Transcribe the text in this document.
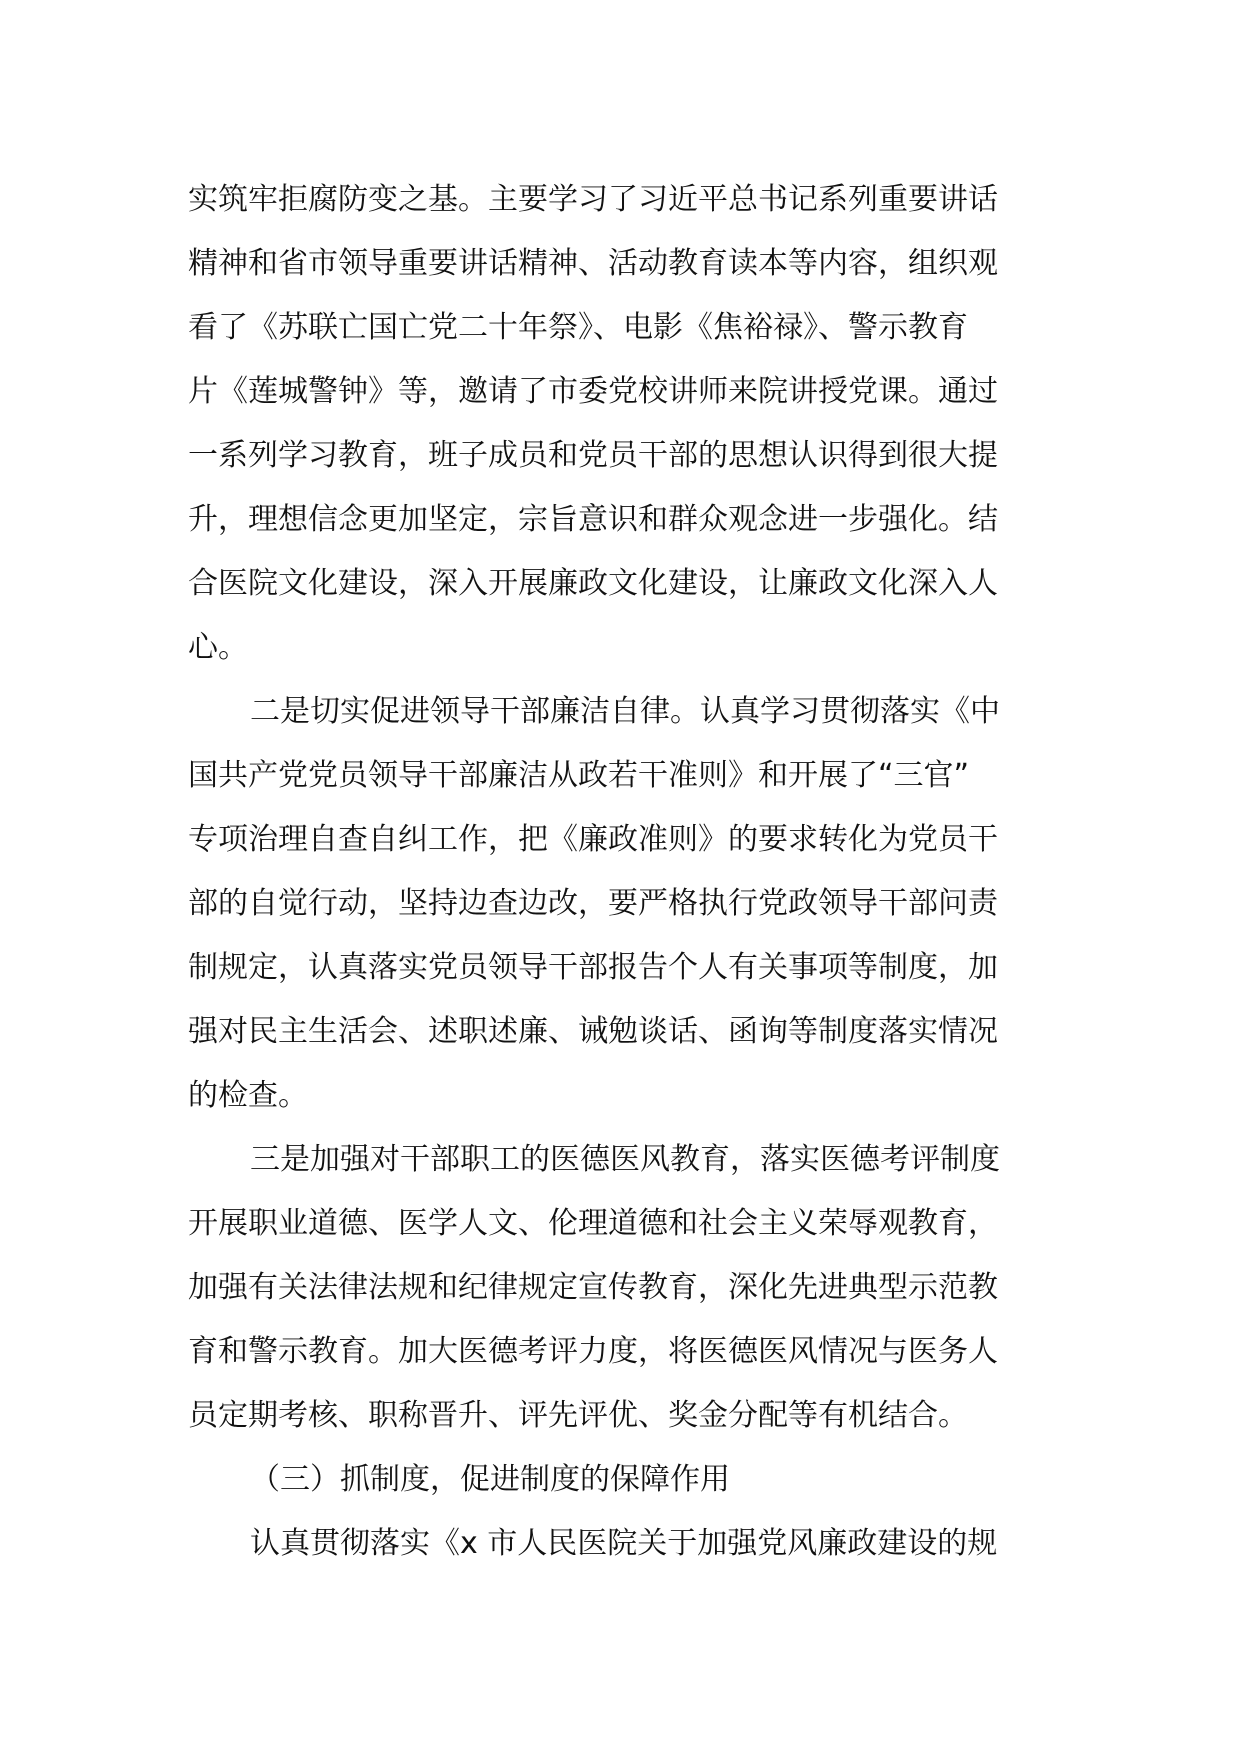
实筑牢拒腐防变之基。主要学习了习近平总书记系列重要讲话
精神和省市领导重要讲话精神、活动教育读本等内容，组织观
看了《苏联亡国亡党二十年祭》、电影《焦裕禄》、警示教育
片《莲城警钟》等，邀请了市委党校讲师来院讲授党课。通过
一系列学习教育，班子成员和党员干部的思想认识得到很大提
升，理想信念更加坚定，宗旨意识和群众观念进一步强化。结
合医院文化建设，深入开展廉政文化建设，让廉政文化深入人
心。
二是切实促进领导干部廉洁自律。认真学习贯彻落实《中
国共产党党员领导干部廉洁从政若干准则》和开展了“三官”
专项治理自查自纠工作，把《廉政准则》的要求转化为党员干
部的自觉行动，坚持边查边改，要严格执行党政领导干部问责
制规定，认真落实党员领导干部报告个人有关事项等制度，加
强对民主生活会、述职述廉、诫勉谈话、函询等制度落实情况
的检查。
三是加强对干部职工的医德医风教育，落实医德考评制度
开展职业道德、医学人文、伦理道德和社会主义荣辱观教育，
加强有关法律法规和纪律规定宣传教育，深化先进典型示范教
育和警示教育。加大医德考评力度，将医德医风情况与医务人
员定期考核、职称晋升、评先评优、奖金分配等有机结合。
（三）抓制度，促进制度的保障作用
认真贯彻落实《x 市人民医院关于加强党风廉政建设的规
